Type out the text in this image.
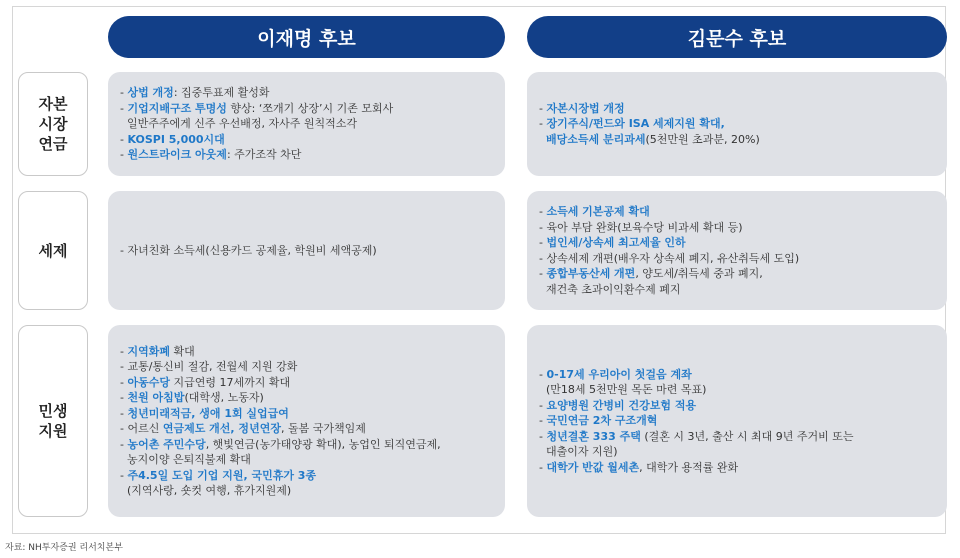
이재명 후보	김문수 후보
자본
시장
연금
- 상법 개정: 집중투표제 활성화
- 기업지배구조 투명성 향상: ‘쪼개기 상장’시 기존 모회사
일반주주에게 신주 우선배정, 자사주 원칙적소각
- KOSPI 5,000시대
- 원스트라이크 아웃제: 주가조작 차단
- 자본시장법 개정
- 장기주식/펀드와 ISA 세제지원 확대,
배당소득세 분리과세(5천만원 초과분, 20%)
세제	- 자녀친화 소득세(신용카드 공제율, 학원비 세액공제)
- 소득세 기본공제 확대
- 육아 부담 완화(보육수당 비과세 확대 등)
- 법인세/상속세 최고세율 인하
- 상속세제 개편(배우자 상속세 폐지, 유산취득세 도입)
- 종합부동산세 개편, 양도세/취득세 중과 폐지,
재건축 초과이익환수제 폐지
민생
지원
- 지역화폐 확대
- 교통/통신비 절감, 전월세 지원 강화
- 아동수당 지급연령 17세까지 확대
- 천원 아침밥(대학생, 노동자)
- 청년미래적금, 생애 1회 실업급여
- 어르신 연금제도 개선, 정년연장, 돌봄 국가책임제
- 농어촌 주민수당, 햇빛연금(농가태양광 확대), 농업인 퇴직연금제,
농지이양 은퇴직불제 확대
- 주4.5일 도입 기업 지원, 국민휴가 3종
(지역사랑, 숏컷 여행, 휴가지원제)
- 0-17세 우리아이 첫걸음 계좌
(만18세 5천만원 목돈 마련 목표)
- 요양병원 간병비 건강보험 적용
- 국민연금 2차 구조개혁
- 청년결혼 333 주택 (결혼 시 3년, 출산 시 최대 9년 주거비 또는
대출이자 지원)
- 대학가 반값 월세촌, 대학가 용적률 완화
자료: NH투자증권 리서치본부
